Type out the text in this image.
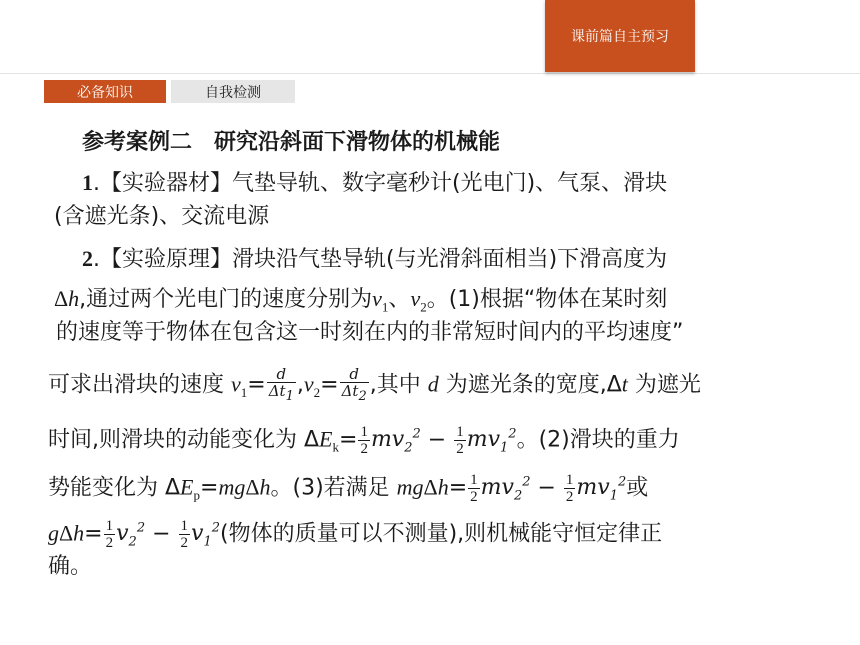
课前篇自主预习
必备知识	自我检测
参考案例二　研究沿斜面下滑物体的机械能
1.【实验器材】气垫导轨、数字毫秒计(光电门)、气泵、滑块
(含遮光条)、交流电源
2.【实验原理】滑块沿气垫导轨(与光滑斜面相当)下滑高度为
Δh,通过两个光电门的速度分别为$v_1$、$v_2$。(1)根据“物体在某时刻
的速度等于物体在包含这一时刻在内的非常短时间内的平均速度”
可求出滑块的速度 $v_1= \frac{d}{\Delta t_1} ,v_2= \frac{d}{\Delta t_2}$ ,其中 d 为遮光条的宽度,Δt 为遮光
时间,则滑块的动能变化为 $\Delta E_k= \frac{1}{2} mv_2^2 - \frac{1}{2} mv_1^2$。(2)滑块的重力
势能变化为 $\Delta E_p=mg\Delta h$。(3)若满足 $mg\Delta h= \frac{1}{2} mv_2^2 - \frac{1}{2} mv_1^2$或
$g\Delta h= \frac{1}{2} v_2^2 - \frac{1}{2} v_1^2$(物体的质量可以不测量),则机械能守恒定律正
确。
